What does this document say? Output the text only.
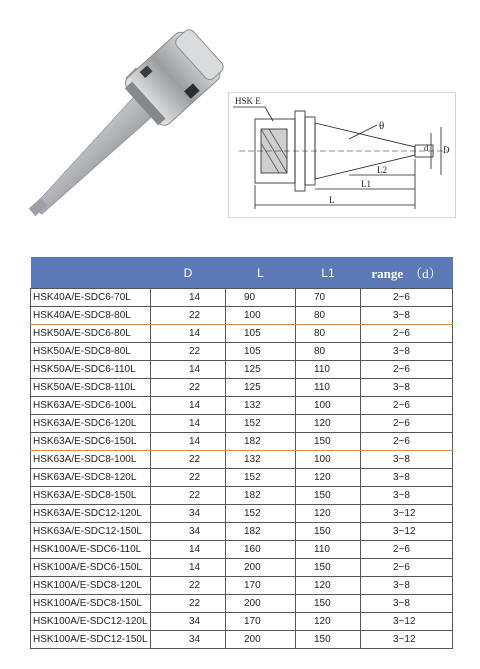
HSK E
θ
L2
L1
L
d D
	D	L	L1	range （d）
HSK40A/E-SDC6-70L	14	90	70	2~6
HSK40A/E-SDC8-80L	22	100	80	3~8
HSK50A/E-SDC6-80L	14	105	80	2~6
HSK50A/E-SDC8-80L	22	105	80	3~8
HSK50A/E-SDC6-110L	14	125	110	2~6
HSK50A/E-SDC8-110L	22	125	110	3~8
HSK63A/E-SDC6-100L	14	132	100	2~6
HSK63A/E-SDC6-120L	14	152	120	2~6
HSK63A/E-SDC6-150L	14	182	150	2~6
HSK63A/E-SDC8-100L	22	132	100	3~8
HSK63A/E-SDC8-120L	22	152	120	3~8
HSK63A/E-SDC8-150L	22	182	150	3~8
HSK63A/E-SDC12-120L	34	152	120	3~12
HSK63A/E-SDC12-150L	34	182	150	3~12
HSK100A/E-SDC6-110L	14	160	110	2~6
HSK100A/E-SDC6-150L	14	200	150	2~6
HSK100A/E-SDC8-120L	22	170	120	3~8
HSK100A/E-SDC8-150L	22	200	150	3~8
HSK100A/E-SDC12-120L	34	170	120	3~12
HSK100A/E-SDC12-150L	34	200	150	3~12
